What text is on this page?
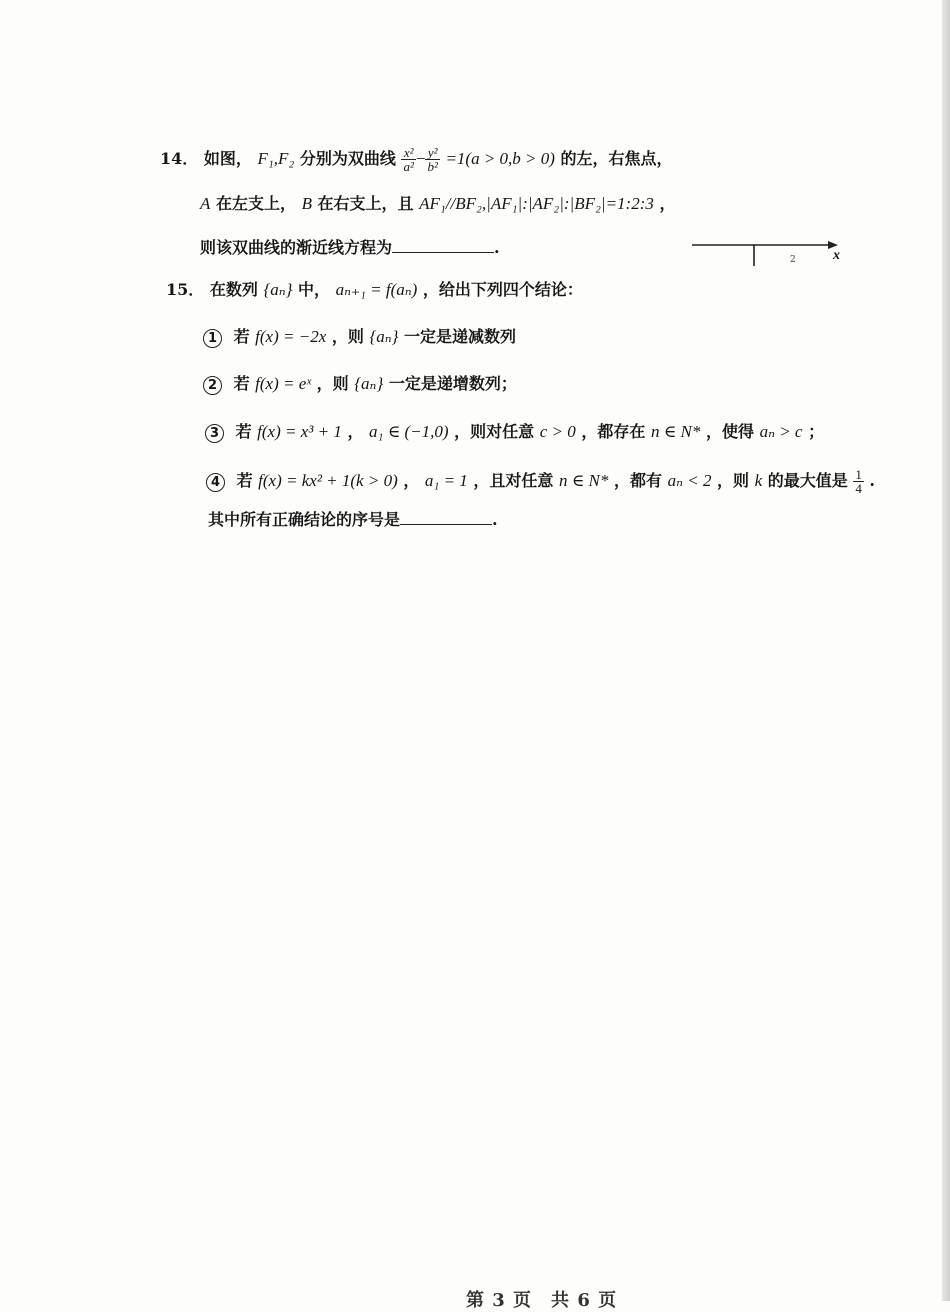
14． 如图， F₁,F₂ 分别为双曲线 $\frac{\text{x²}}{\text{a²}} - \frac{\text{y²}}{\text{b²}} =1(a > 0,b > 0)$ 的左，右焦点，
A 在左支上， B 在右支上，且 AF₁//BF₂,|AF₁|:|AF₂|:|BF₂|=1:2:3 ，
则该双曲线的渐近线方程为	.	x
2
15． 在数列 {aₙ} 中， aₙ₊₁ = f(aₙ) ，给出下列四个结论：
1 若 f(x) = −2x ，则 {aₙ} 一定是递减数列
2 若 f(x) = eˣ ，则 {aₙ} 一定是递增数列；
3 若 f(x) = x³ + 1 ， a₁ ∈ (−1,0) ，则对任意 c > 0 ，都存在 n ∈ N* ，使得 aₙ > c ；
4 若 f(x) = kx² + 1(k > 0) ， a₁ = 1 ，且对任意 n ∈ N* ，都有 aₙ < 2 ，则 k 的最大值是 $\frac{1}{4}$ .
其中所有正确结论的序号是	.
第 3 页　共 6 页
